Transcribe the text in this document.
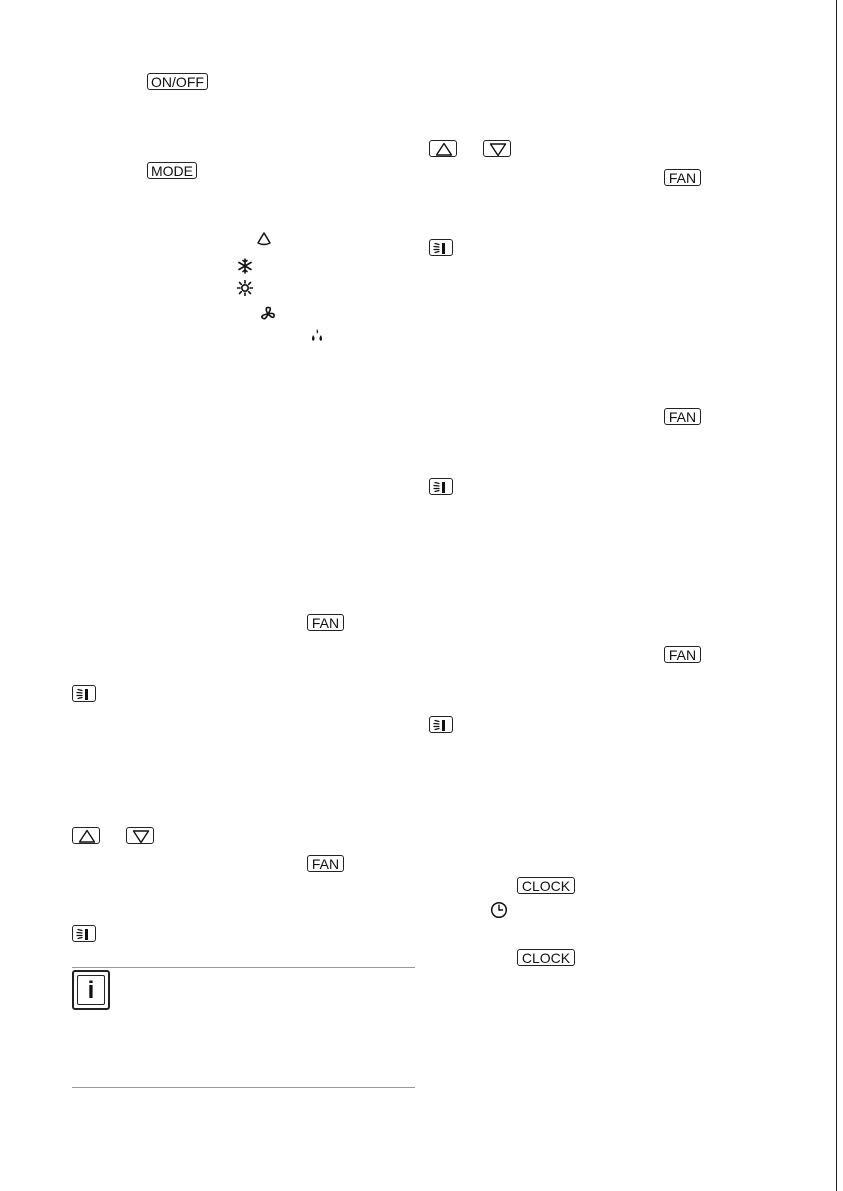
ON/OFF
MODE
FAN
FAN
i
FAN
FAN
FAN
CLOCK
CLOCK
